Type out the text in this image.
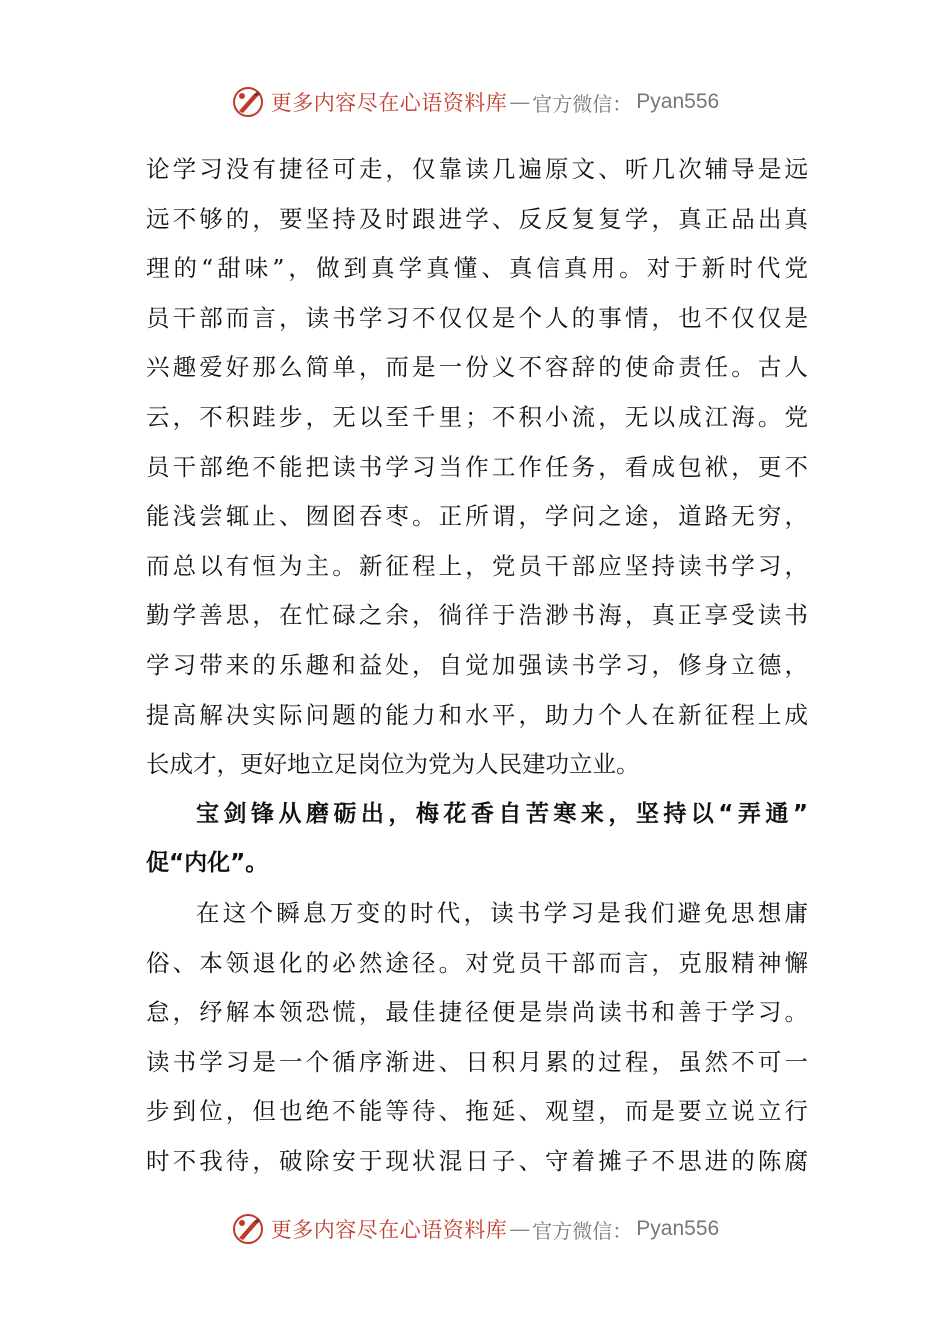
更多内容尽在心语资料库 — 官方微信： Pyan556
论学习没有捷径可走，仅靠读几遍原文、听几次辅导是远
远不够的，要坚持及时跟进学、反反复复学，真正品出真
理的“甜味”，做到真学真懂、真信真用。对于新时代党
员干部而言，读书学习不仅仅是个人的事情，也不仅仅是
兴趣爱好那么简单，而是一份义不容辞的使命责任。古人
云，不积跬步，无以至千里；不积小流，无以成江海。党
员干部绝不能把读书学习当作工作任务，看成包袱，更不
能浅尝辄止、囫囵吞枣。正所谓，学问之途，道路无穷，
而总以有恒为主。新征程上，党员干部应坚持读书学习，
勤学善思，在忙碌之余，徜徉于浩渺书海，真正享受读书
学习带来的乐趣和益处，自觉加强读书学习，修身立德，
提高解决实际问题的能力和水平，助力个人在新征程上成
长成才，更好地立足岗位为党为人民建功立业。
宝剑锋从磨砺出，梅花香自苦寒来，坚持以“弄通”
促“内化”。
在这个瞬息万变的时代，读书学习是我们避免思想庸
俗、本领退化的必然途径。对党员干部而言，克服精神懈
怠，纾解本领恐慌，最佳捷径便是崇尚读书和善于学习。
读书学习是一个循序渐进、日积月累的过程，虽然不可一
步到位，但也绝不能等待、拖延、观望，而是要立说立行
时不我待，破除安于现状混日子、守着摊子不思进的陈腐
更多内容尽在心语资料库 — 官方微信： Pyan556
